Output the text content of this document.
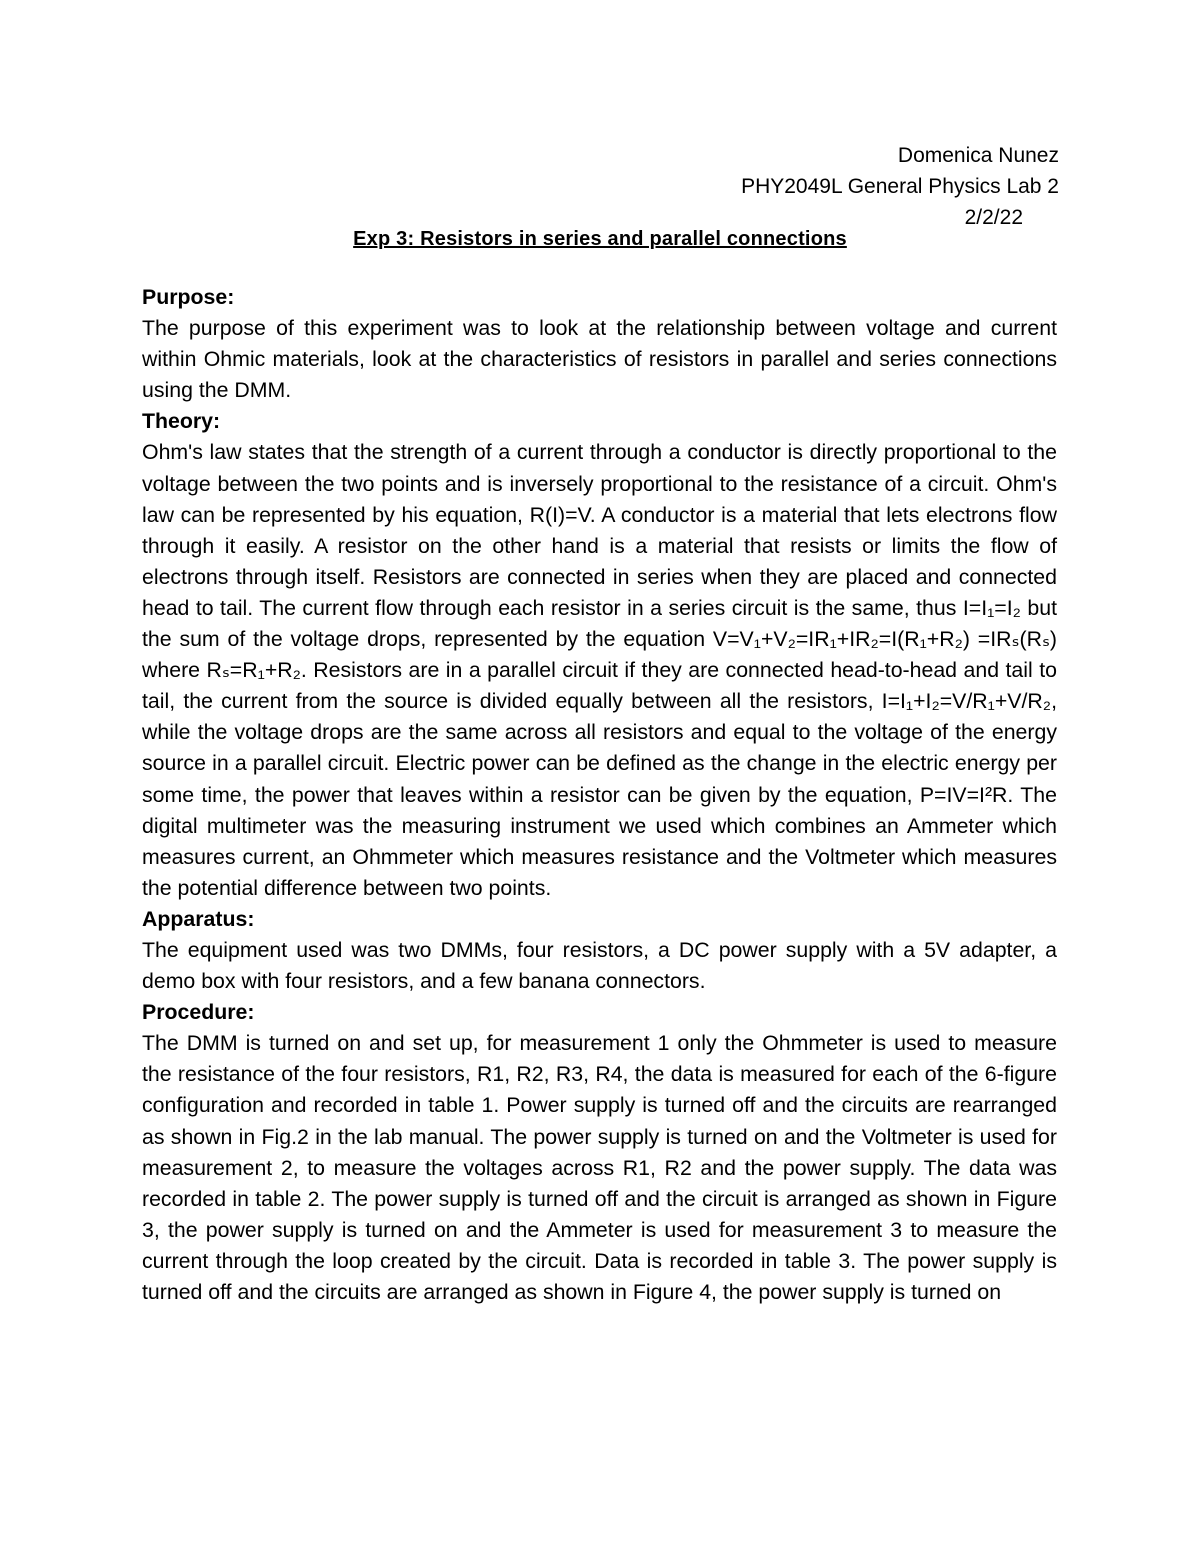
Domenica Nunez
PHY2049L General Physics Lab 2
2/2/22
Exp 3: Resistors in series and parallel connections
Purpose:
The purpose of this experiment was to look at the relationship between voltage and current within Ohmic materials, look at the characteristics of resistors in parallel and series connections using the DMM.
Theory:
Ohm's law states that the strength of a current through a conductor is directly proportional to the voltage between the two points and is inversely proportional to the resistance of a circuit. Ohm's law can be represented by his equation, R(I)=V. A conductor is a material that lets electrons flow through it easily. A resistor on the other hand is a material that resists or limits the flow of electrons through itself. Resistors are connected in series when they are placed and connected head to tail. The current flow through each resistor in a series circuit is the same, thus I=I₁=I₂ but the sum of the voltage drops, represented by the equation V=V₁+V₂=IR₁+IR₂=I(R₁+R₂) =IRₛ(Rₛ) where Rₛ=R₁+R₂. Resistors are in a parallel circuit if they are connected head-to-head and tail to tail, the current from the source is divided equally between all the resistors, I=I₁+I₂=V/R₁+V/R₂, while the voltage drops are the same across all resistors and equal to the voltage of the energy source in a parallel circuit. Electric power can be defined as the change in the electric energy per some time, the power that leaves within a resistor can be given by the equation, P=IV=I²R. The digital multimeter was the measuring instrument we used which combines an Ammeter which measures current, an Ohmmeter which measures resistance and the Voltmeter which measures the potential difference between two points.
Apparatus:
The equipment used was two DMMs, four resistors, a DC power supply with a 5V adapter, a demo box with four resistors, and a few banana connectors.
Procedure:
The DMM is turned on and set up, for measurement 1 only the Ohmmeter is used to measure the resistance of the four resistors, R1, R2, R3, R4, the data is measured for each of the 6-figure configuration and recorded in table 1. Power supply is turned off and the circuits are rearranged as shown in Fig.2 in the lab manual. The power supply is turned on and the Voltmeter is used for measurement 2, to measure the voltages across R1, R2 and the power supply. The data was recorded in table 2. The power supply is turned off and the circuit is arranged as shown in Figure 3, the power supply is turned on and the Ammeter is used for measurement 3 to measure the current through the loop created by the circuit. Data is recorded in table 3. The power supply is turned off and the circuits are arranged as shown in Figure 4, the power supply is turned on
